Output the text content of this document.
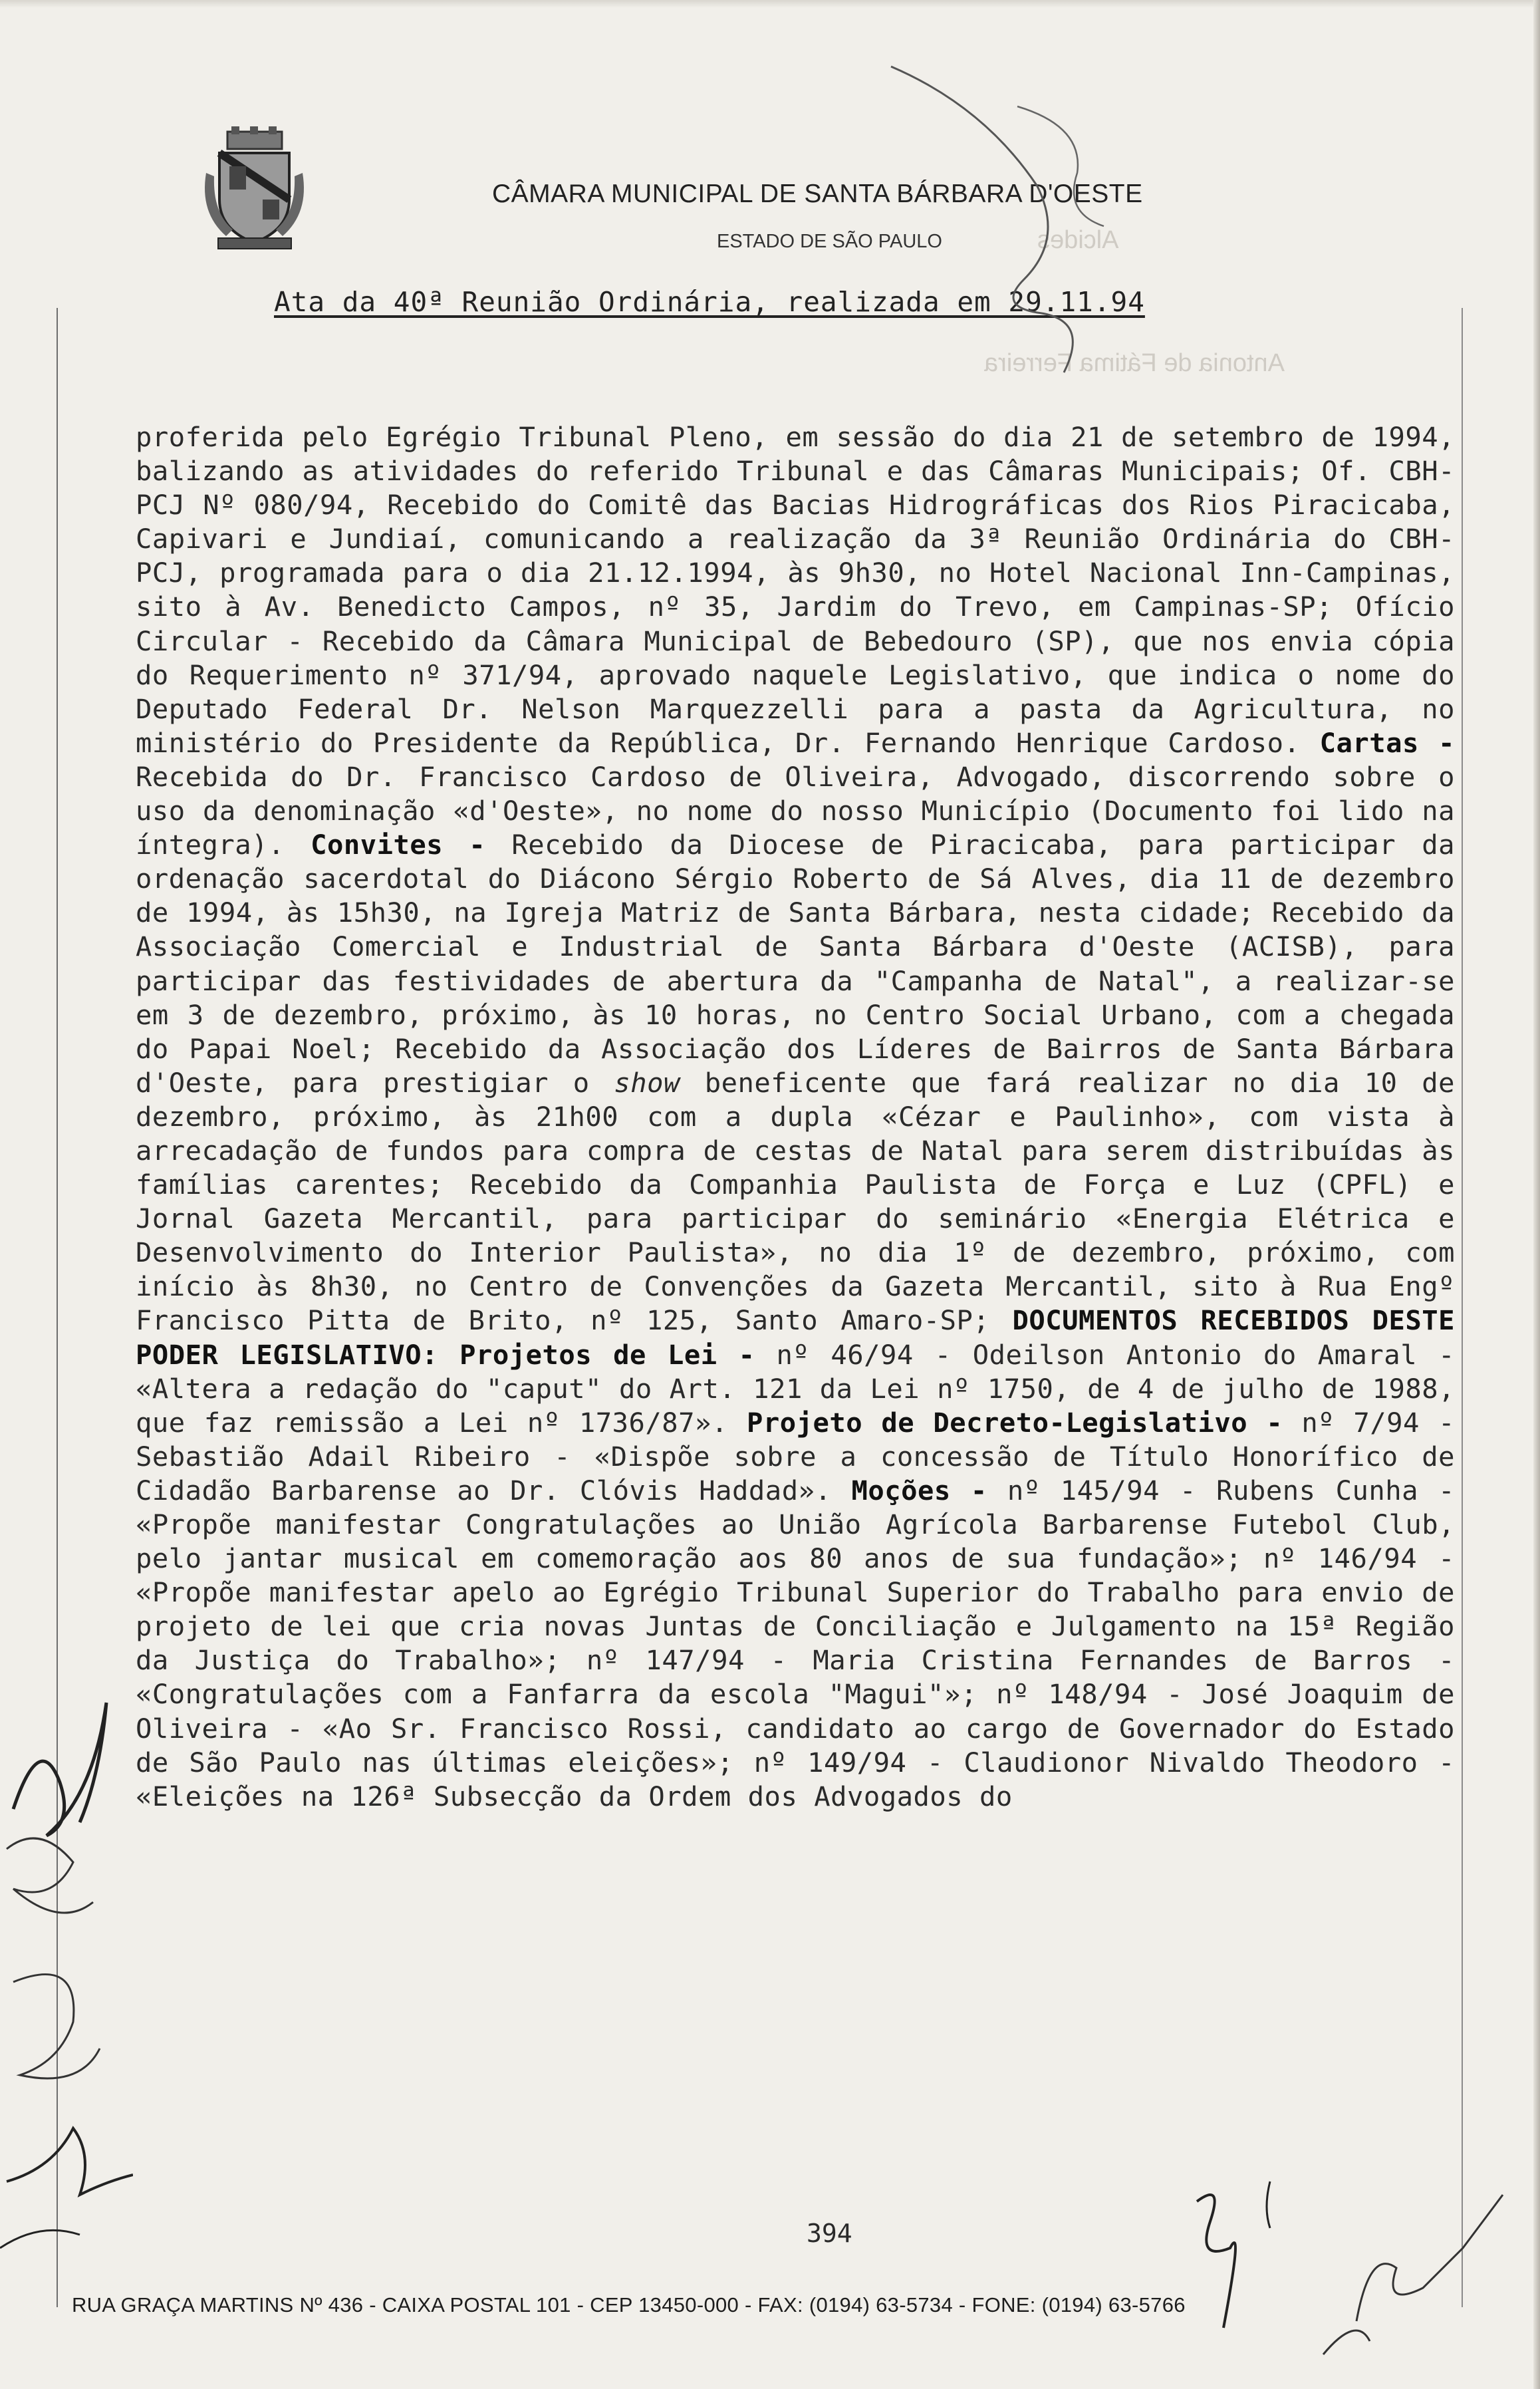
Antonia de Fátima Ferreira
Alcides
CÂMARA MUNICIPAL DE SANTA BÁRBARA D'OESTE
ESTADO DE SÃO PAULO
Ata da 40ª Reunião Ordinária, realizada em 29.11.94
proferida pelo Egrégio Tribunal Pleno, em sessão do dia 21 de setembro de 1994, balizando as atividades do referido Tribunal e das Câmaras Municipais; Of. CBH-PCJ Nº 080/94, Recebido do Comitê das Bacias Hidrográficas dos Rios Piracicaba, Capivari e Jundiaí, comunicando a realização da 3ª Reunião Ordinária do CBH-PCJ, programada para o dia 21.12.1994, às 9h30, no Hotel Nacional Inn-Campinas, sito à Av. Benedicto Campos, nº 35, Jardim do Trevo, em Campinas-SP; Ofício Circular - Recebido da Câmara Municipal de Bebedouro (SP), que nos envia cópia do Requerimento nº 371/94, aprovado naquele Legislativo, que indica o nome do Deputado Federal Dr. Nelson Marquezzelli para a pasta da Agricultura, no ministério do Presidente da República, Dr. Fernando Henrique Cardoso. Cartas - Recebida do Dr. Francisco Cardoso de Oliveira, Advogado, discorrendo sobre o uso da denominação «d'Oeste», no nome do nosso Município (Documento foi lido na íntegra). Convites - Recebido da Diocese de Piracicaba, para participar da ordenação sacerdotal do Diácono Sérgio Roberto de Sá Alves, dia 11 de dezembro de 1994, às 15h30, na Igreja Matriz de Santa Bárbara, nesta cidade; Recebido da Associação Comercial e Industrial de Santa Bárbara d'Oeste (ACISB), para participar das festividades de abertura da "Campanha de Natal", a realizar-se em 3 de dezembro, próximo, às 10 horas, no Centro Social Urbano, com a chegada do Papai Noel; Recebido da Associação dos Líderes de Bairros de Santa Bárbara d'Oeste, para prestigiar o show beneficente que fará realizar no dia 10 de dezembro, próximo, às 21h00 com a dupla «Cézar e Paulinho», com vista à arrecadação de fundos para compra de cestas de Natal para serem distribuídas às famílias carentes; Recebido da Companhia Paulista de Força e Luz (CPFL) e Jornal Gazeta Mercantil, para participar do seminário «Energia Elétrica e Desenvolvimento do Interior Paulista», no dia 1º de dezembro, próximo, com início às 8h30, no Centro de Convenções da Gazeta Mercantil, sito à Rua Engº Francisco Pitta de Brito, nº 125, Santo Amaro-SP; DOCUMENTOS RECEBIDOS DESTE PODER LEGISLATIVO: Projetos de Lei - nº 46/94 - Odeilson Antonio do Amaral - «Altera a redação do "caput" do Art. 121 da Lei nº 1750, de 4 de julho de 1988, que faz remissão a Lei nº 1736/87». Projeto de Decreto-Legislativo - nº 7/94 - Sebastião Adail Ribeiro - «Dispõe sobre a concessão de Título Honorífico de Cidadão Barbarense ao Dr. Clóvis Haddad». Moções - nº 145/94 - Rubens Cunha - «Propõe manifestar Congratulações ao União Agrícola Barbarense Futebol Club, pelo jantar musical em comemoração aos 80 anos de sua fundação»; nº 146/94 - «Propõe manifestar apelo ao Egrégio Tribunal Superior do Trabalho para envio de projeto de lei que cria novas Juntas de Conciliação e Julgamento na 15ª Região da Justiça do Trabalho»; nº 147/94 - Maria Cristina Fernandes de Barros - «Congratulações com a Fanfarra da escola "Magui"»; nº 148/94 - José Joaquim de Oliveira - «Ao Sr. Francisco Rossi, candidato ao cargo de Governador do Estado de São Paulo nas últimas eleições»; nº 149/94 - Claudionor Nivaldo Theodoro - «Eleições na 126ª Subsecção da Ordem dos Advogados do
394
RUA GRAÇA MARTINS Nº 436 - CAIXA POSTAL 101 - CEP 13450-000 - FAX: (0194) 63-5734 - FONE: (0194) 63-5766
